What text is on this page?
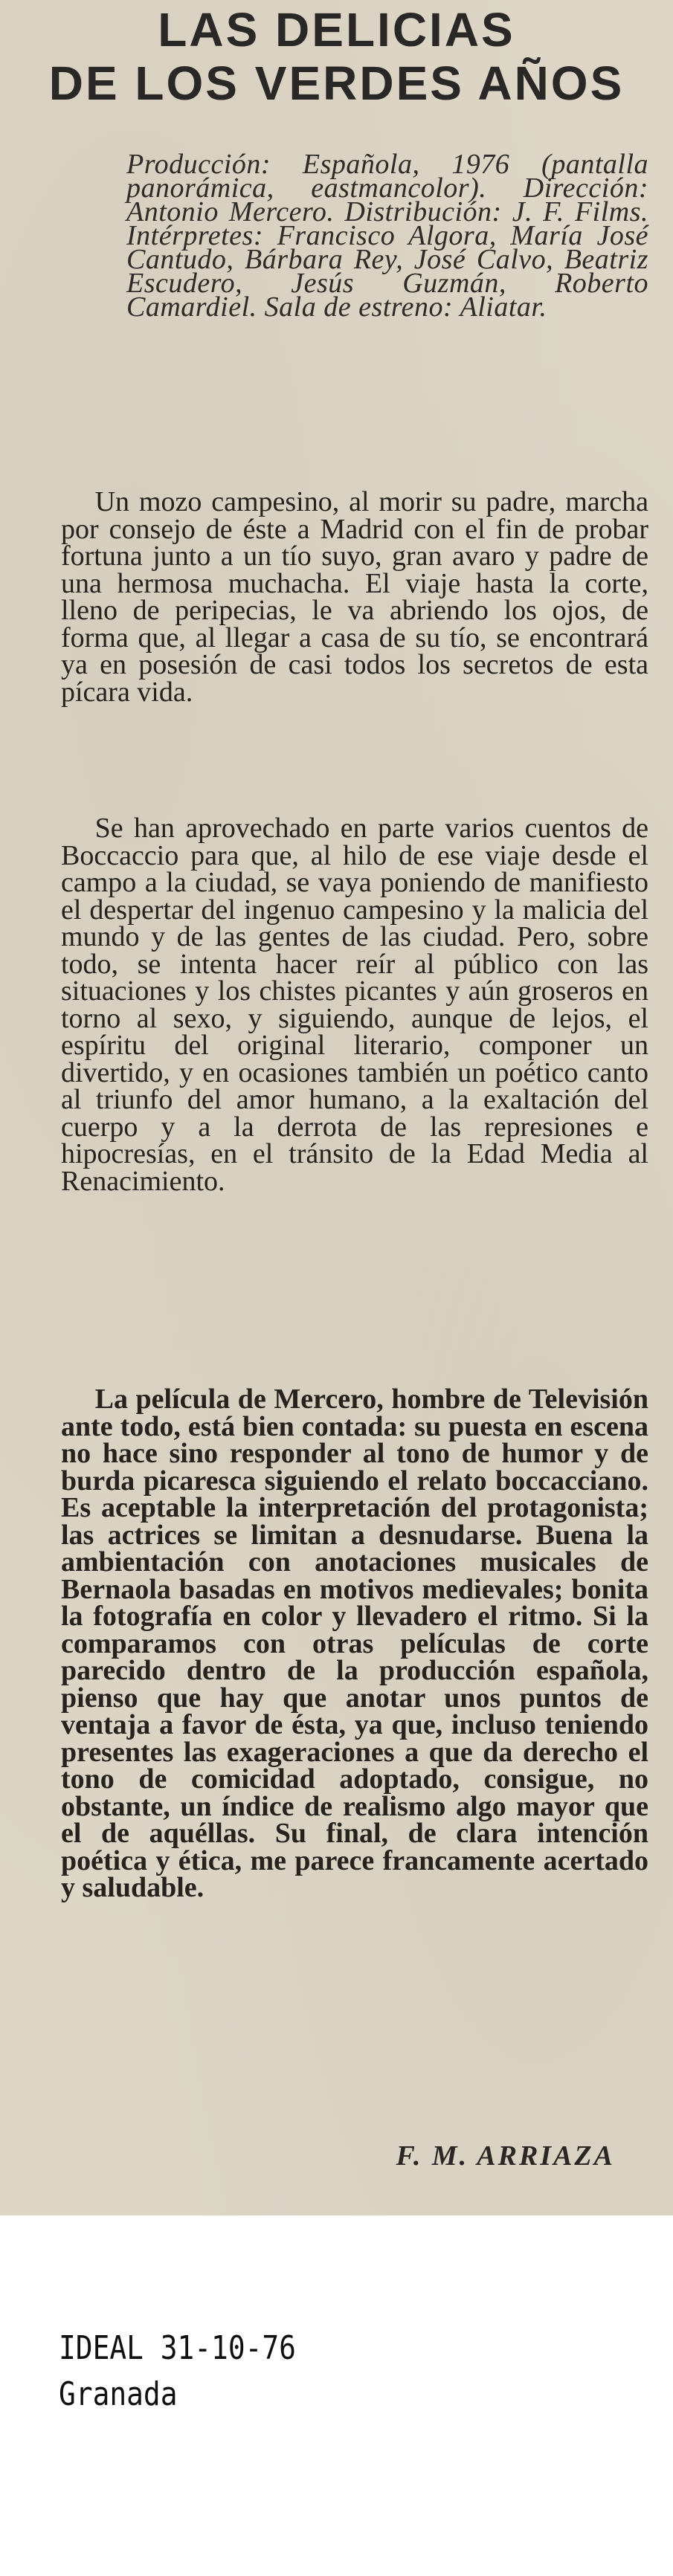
LAS DELICIAS
DE LOS VERDES AÑOS

Producción: Española, 1976 (pantalla panorámica, eastmancolor). Dirección: Antonio Mercero. Distribución: J. F. Films. Intérpretes: Francisco Algora, María José Cantudo, Bárbara Rey, José Calvo, Beatriz Escudero, Jesús Guzmán, Roberto Camardiel. Sala de estreno: Aliatar.

Un mozo campesino, al morir su padre, marcha por consejo de éste a Madrid con el fin de probar fortuna junto a un tío suyo, gran avaro y padre de una hermosa muchacha. El viaje hasta la corte, lleno de peripecias, le va abriendo los ojos, de forma que, al llegar a casa de su tío, se encontrará ya en posesión de casi todos los secretos de esta pícara vida.

Se han aprovechado en parte varios cuentos de Boccaccio para que, al hilo de ese viaje desde el campo a la ciudad, se vaya poniendo de manifiesto el despertar del ingenuo campesino y la malicia del mundo y de las gentes de las ciudad. Pero, sobre todo, se intenta hacer reír al público con las situaciones y los chistes picantes y aún groseros en torno al sexo, y siguiendo, aunque de lejos, el espíritu del original literario, componer un divertido, y en ocasiones también un poético canto al triunfo del amor humano, a la exaltación del cuerpo y a la derrota de las represiones e hipocresías, en el tránsito de la Edad Media al Renacimiento.

La película de Mercero, hombre de Televisión ante todo, está bien contada: su puesta en escena no hace sino responder al tono de humor y de burda picaresca siguiendo el relato boccacciano. Es aceptable la interpretación del protagonista; las actrices se limitan a desnudarse. Buena la ambientación con anotaciones musicales de Bernaola basadas en motivos medievales; bonita la fotografía en color y llevadero el ritmo. Si la comparamos con otras películas de corte parecido dentro de la producción española, pienso que hay que anotar unos puntos de ventaja a favor de ésta, ya que, incluso teniendo presentes las exageraciones a que da derecho el tono de comicidad adoptado, consigue, no obstante, un índice de realismo algo mayor que el de aquéllas. Su final, de clara intención poética y ética, me parece francamente acertado y saludable.

F. M. ARRIAZA

IDEAL 31-10-76

Granada
